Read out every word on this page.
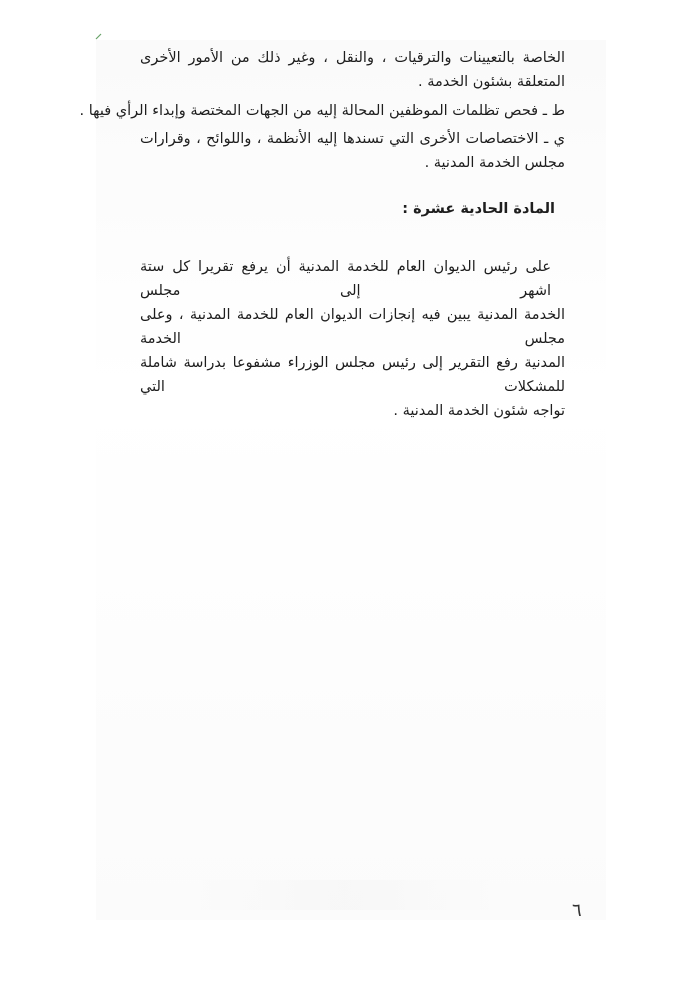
الخاصة بالتعيينات والترقيات ، والنقل ، وغير ذلك من الأمور الأخرى
المتعلقة بشئون الخدمة .
ط ـ فحص تظلمات الموظفين المحالة إليه من الجهات المختصة وإبداء الرأي فيها .
ي ـ الاختصاصات الأخرى التي تسندها إليه الأنظمة ، واللوائح ، وقرارات
مجلس الخدمة المدنية .
المادة الحادية عشرة :
على رئيس الديوان العام للخدمة المدنية أن يرفع تقريرا كل ستة اشهر إلى مجلس
الخدمة المدنية يبين فيه إنجازات الديوان العام للخدمة المدنية ، وعلى مجلس الخدمة
المدنية رفع التقرير إلى رئيس مجلس الوزراء مشفوعا بدراسة شاملة للمشكلات التي
تواجه شئون الخدمة المدنية .
٦
